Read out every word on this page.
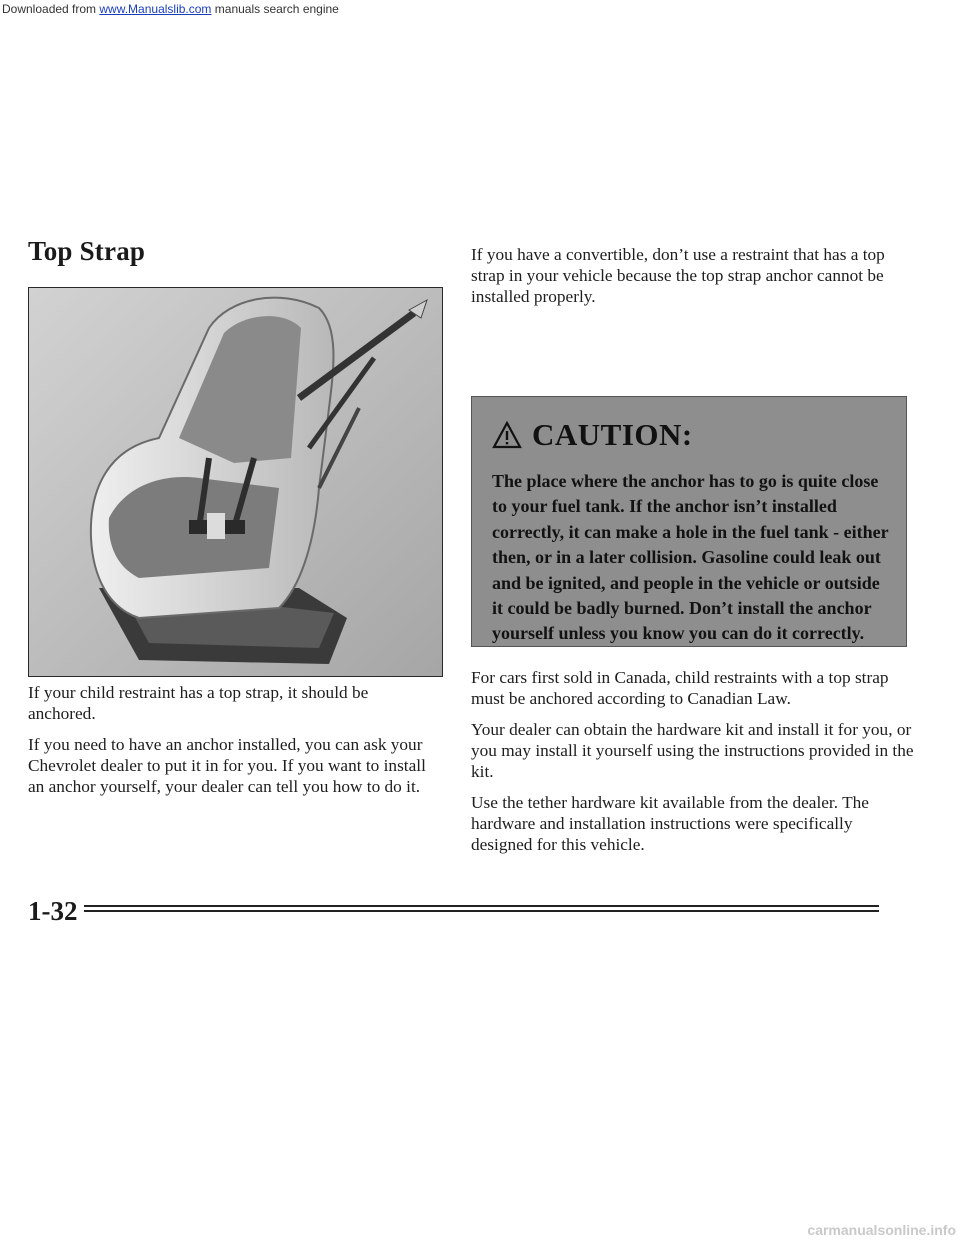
Downloaded from www.Manualslib.com manuals search engine
Top Strap

If your child restraint has a top strap, it should be anchored.

If you need to have an anchor installed, you can ask your Chevrolet dealer to put it in for you. If you want to install an anchor yourself, your dealer can tell you how to do it.

If you have a convertible, don’t use a restraint that has a top strap in your vehicle because the top strap anchor cannot be installed properly.

CAUTION:

The place where the anchor has to go is quite close to your fuel tank. If the anchor isn’t installed correctly, it can make a hole in the fuel tank - either then, or in a later collision. Gasoline could leak out and be ignited, and people in the vehicle or outside it could be badly burned. Don’t install the anchor yourself unless you know you can do it correctly.

For cars first sold in Canada, child restraints with a top strap must be anchored according to Canadian Law.

Your dealer can obtain the hardware kit and install it for you, or you may install it yourself using the instructions provided in the kit.

Use the tether hardware kit available from the dealer. The hardware and installation instructions were specifically designed for this vehicle.

1-32
carmanualsonline.info
